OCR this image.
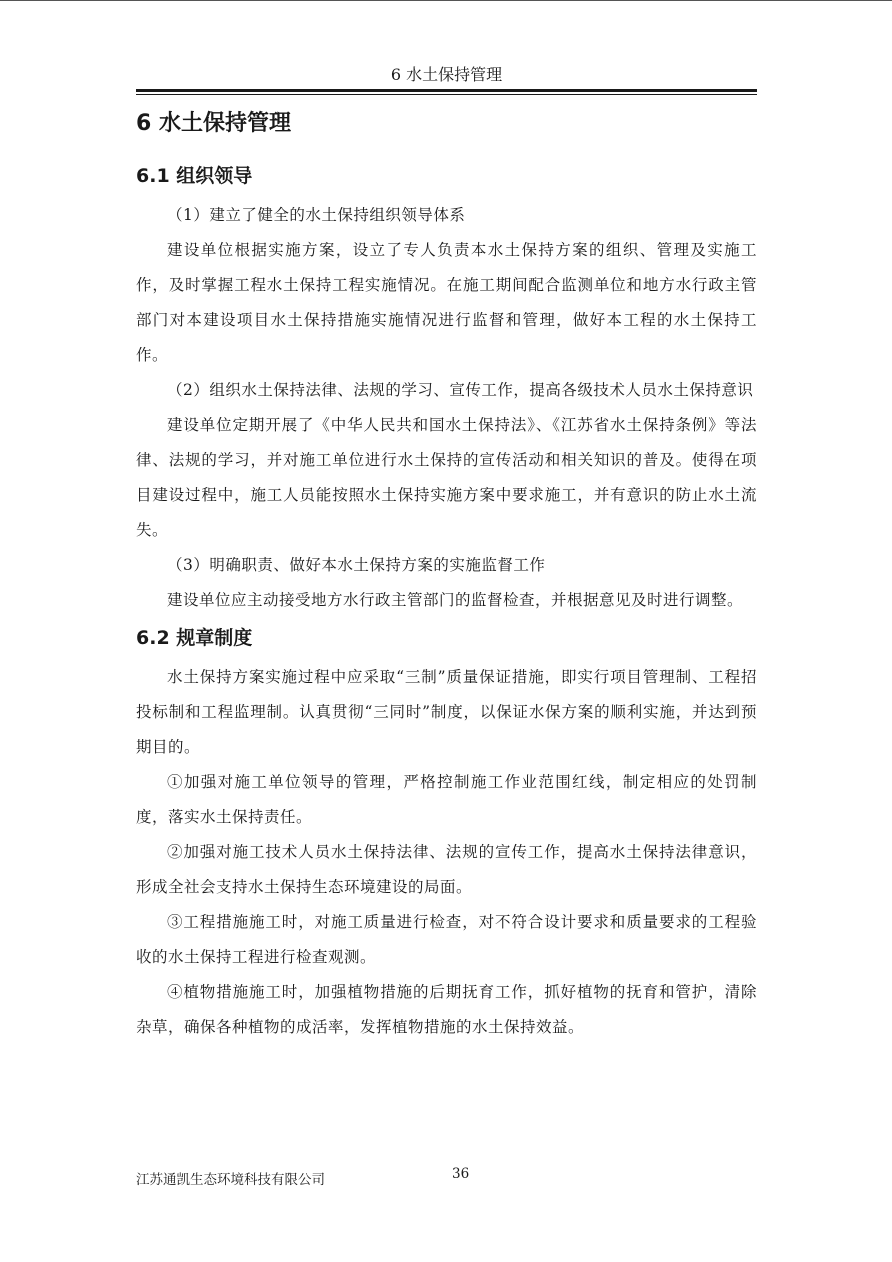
6 水土保持管理
6 水土保持管理
6.1 组织领导

（1）建立了健全的水土保持组织领导体系

建设单位根据实施方案，设立了专人负责本水土保持方案的组织、管理及实施工作，及时掌握工程水土保持工程实施情况。在施工期间配合监测单位和地方水行政主管部门对本建设项目水土保持措施实施情况进行监督和管理，做好本工程的水土保持工作。

（2）组织水土保持法律、法规的学习、宣传工作，提高各级技术人员水土保持意识

建设单位定期开展了《中华人民共和国水土保持法》、《江苏省水土保持条例》等法律、法规的学习，并对施工单位进行水土保持的宣传活动和相关知识的普及。使得在项目建设过程中，施工人员能按照水土保持实施方案中要求施工，并有意识的防止水土流失。

（3）明确职责、做好本水土保持方案的实施监督工作

建设单位应主动接受地方水行政主管部门的监督检查，并根据意见及时进行调整。

6.2 规章制度

水土保持方案实施过程中应采取“三制”质量保证措施，即实行项目管理制、工程招投标制和工程监理制。认真贯彻“三同时”制度，以保证水保方案的顺利实施，并达到预期目的。

①加强对施工单位领导的管理，严格控制施工作业范围红线，制定相应的处罚制度，落实水土保持责任。

②加强对施工技术人员水土保持法律、法规的宣传工作，提高水土保持法律意识，形成全社会支持水土保持生态环境建设的局面。

③工程措施施工时，对施工质量进行检查，对不符合设计要求和质量要求的工程验收的水土保持工程进行检查观测。

④植物措施施工时，加强植物措施的后期抚育工作，抓好植物的抚育和管护，清除杂草，确保各种植物的成活率，发挥植物措施的水土保持效益。

江苏通凯生态环境科技有限公司	36
